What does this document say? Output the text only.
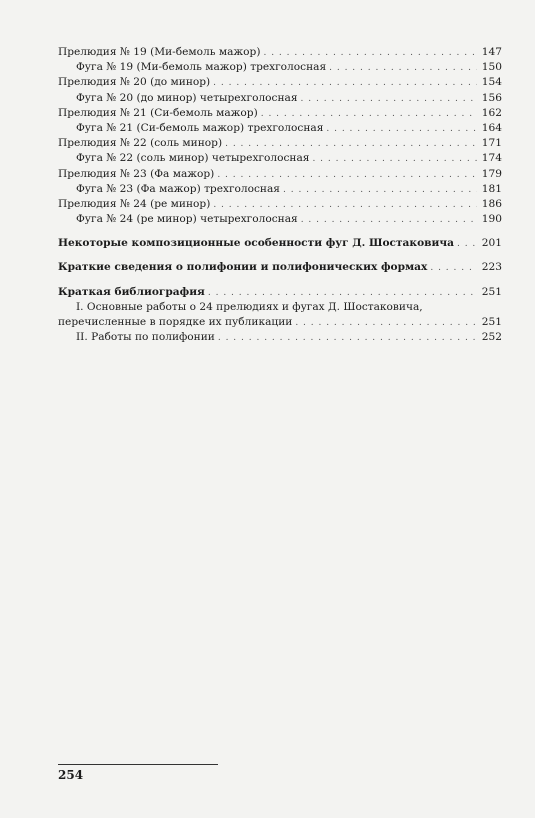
Прелюдия № 19 (Ми-бемоль мажор) . . .	147
Фуга № 19 (Ми-бемоль мажор) трехголосная . . .	150
Прелюдия № 20 (до минор) . . .	154
Фуга № 20 (до минор) четырехголосная . . .	156
Прелюдия № 21 (Си-бемоль мажор) . . .	162
Фуга № 21 (Си-бемоль мажор) трехголосная . . .	164
Прелюдия № 22 (соль минор) . . .	171
Фуга № 22 (соль минор) четырехголосная . . .	174
Прелюдия № 23 (Фа мажор) . . .	179
Фуга № 23 (Фа мажор) трехголосная . . .	181
Прелюдия № 24 (ре минор) . . .	186
Фуга № 24 (ре минор) четырехголосная . . .	190
Некоторые композиционные особенности фуг Д. Шостаковича . . .	201
Краткие сведения о полифонии и полифонических формах . . .	223
Краткая библиография . . .	251
I. Основные работы о 24 прелюдиях и фугах Д. Шостаковича,
перечисленные в порядке их публикации . . .	251
II. Работы по полифонии . . .	252
254
